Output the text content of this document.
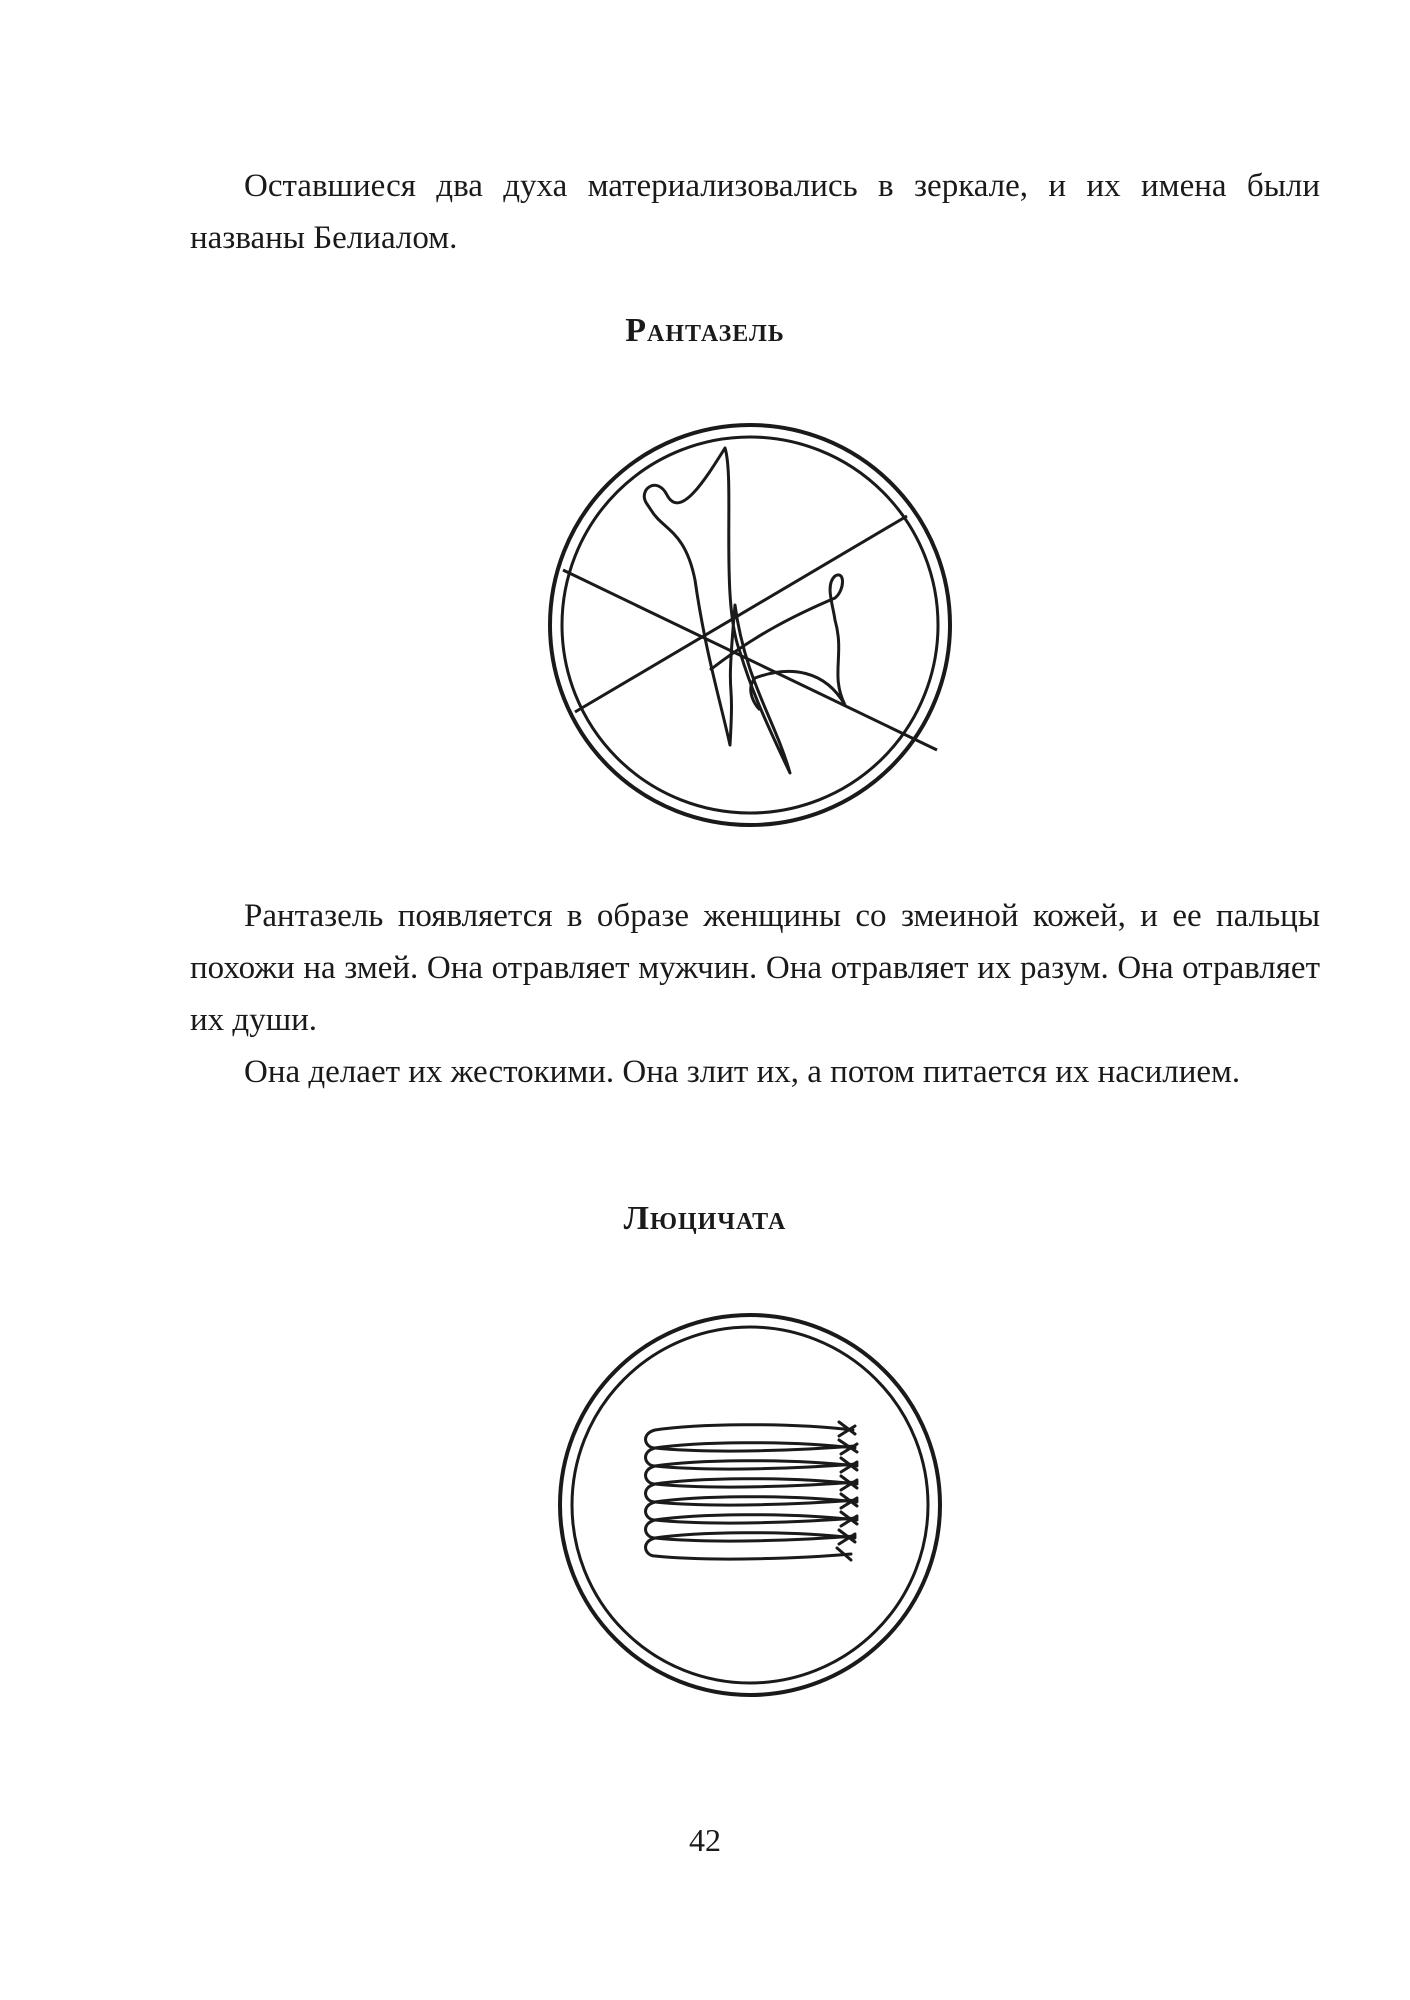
Оставшиеся два духа материализовались в зеркале, и их имена были названы Белиалом.

Рантазель

Рантазель появляется в образе женщины со змеиной кожей, и ее пальцы похожи на змей. Она отравляет мужчин. Она отравляет их разум. Она отравляет их души.

Она делает их жестокими. Она злит их, а потом питается их насилием.

Люцичата
42
